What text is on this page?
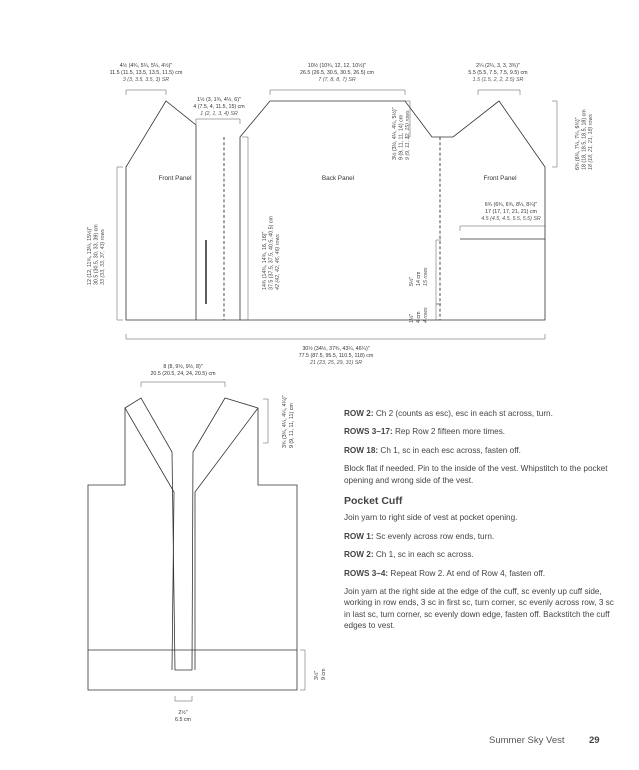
Front Panel	Back Panel	Front Panel
4½ (4¾, 5¼, 5¼, 4½)"
11.5 (11.5, 13.5, 13.5, 11.5) cm
3 (3, 3.5, 3.5, 3) SR
1½ (3, 1¾, 4½, 6)"
4 (7.5, 4, 11.5, 15) cm
1 (2, 1, 3, 4) SR
10½ (10¾, 12, 12, 10½)"
26.5 (26.5, 30.5, 30.5, 26.5) cm
7 (7, 8, 8, 7) SR
2¼ (2¼, 3, 3, 3¾)"
5.5 (5.5, 7.5, 7.5, 9.5) cm
1.5 (1.5, 2, 2, 2.5) SR
3½ (3½, 4¼, 4¼, 5½)" 9 (9, 11, 11, 14) cm 9 (9, 11, 12, 15) rows	6¾ (6¾, 7¼, 7¼, 6¾)" 18 (18, 18.5, 18.5, 18) cm 18 (18, 21, 21, 18) rows
12 (12, 11¾, 13¼, 15½)" 30.5 (30.5, 30, 33, 39) cm 33 (33, 33, 37, 43) rows	14¾ (14¾, 14¾, 16, 16)" 37.5 (37.5, 37.5, 40.5, 40.5) cm 42 (42, 42, 46, 46) rows
6¾ (6¾, 6¾, 8¼, 8¼)"
17 (17, 17, 21, 21) cm
4.5 (4.5, 4.5, 5.5, 5.5) SR
5½" 14 cm 15 rows
1½" 4 cm 4 rows
30½ (34½, 37¾, 43¼, 46¼)"
77.5 (87.5, 95.5, 110.5, 118) cm
21 (23, 25, 29, 31) SR
8 (8, 9½, 9½, 8)"
20.5 (20.5, 24, 24, 20.5) cm
3¾ (3¾, 4¼, 4¼, 4¼)" 9 (9, 11, 11, 11) cm
3½" 9 cm
2½"
6.5 cm

ROW 2: Ch 2 (counts as esc), esc in each st across, turn.

ROWS 3–17: Rep Row 2 fifteen more times.

ROW 18: Ch 1, sc in each esc across, fasten off.

Block flat if needed. Pin to the inside of the vest. Whipstitch to the pocket opening and wrong side of the vest.

Pocket Cuff

Join yarn to right side of vest at pocket opening.

ROW 1: Sc evenly across row ends, turn.

ROW 2: Ch 1, sc in each sc across.

ROWS 3–4: Repeat Row 2. At end of Row 4, fasten off.

Join yarn at the right side at the edge of the cuff, sc evenly up cuff side, working in row ends, 3 sc in first sc, turn corner, sc evenly across row, 3 sc in last sc, turn corner, sc evenly down edge, fasten off. Backstitch the cuff edges to vest.

Summer Sky Vest	29
